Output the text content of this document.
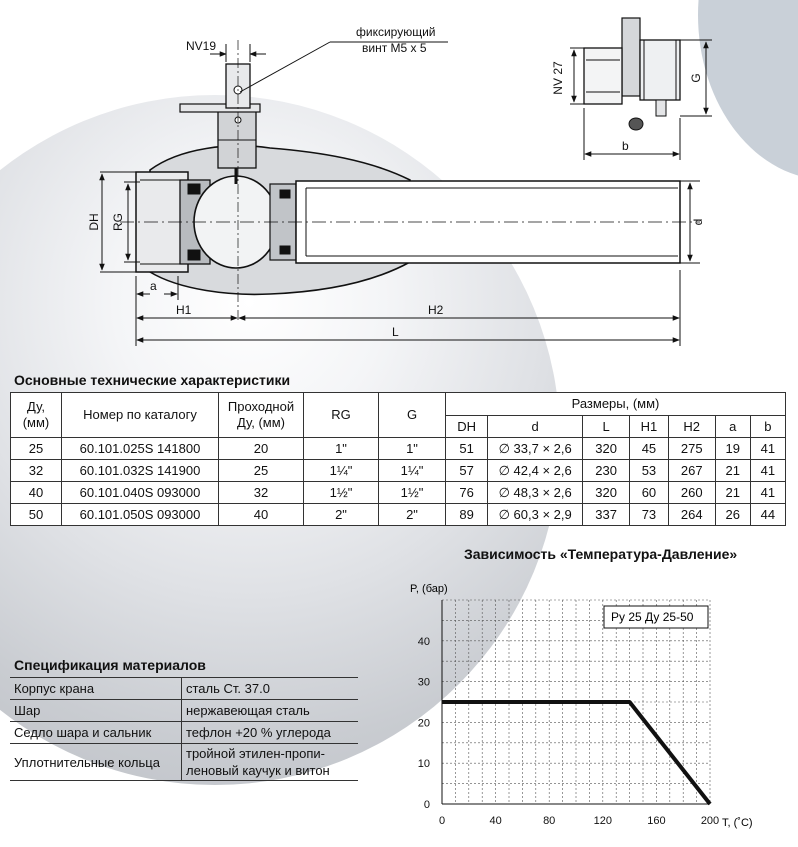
NV19
фиксирующий
винт М5 х 5
DH RG	d
a
H1	H2
L
NV 27	G
b
Основные технические характеристики
Ду, (мм)	Номер по каталогу	Проходной Ду, (мм)	RG	G	Размеры, (мм)						
					DH	d	L	H1	H2	a	b
25	60.101.025S 141800	20	1"	1"	51	∅ 33,7 × 2,6	320	45	275	19	41
32	60.101.032S 141900	25	1¼"	1¼"	57	∅ 42,4 × 2,6	230	53	267	21	41
40	60.101.040S 093000	32	1½"	1½"	76	∅ 48,3 × 2,6	320	60	260	21	41
50	60.101.050S 093000	40	2"	2"	89	∅ 60,3 × 2,9	337	73	264	26	44
Спецификация материалов
Корпус крана	сталь Ст. 37.0
Шар	нержавеющая сталь
Седло шара и сальник	тефлон +20 % углерода
Уплотнительные кольца	тройной этилен-пропи-
леновый каучук и витон
Зависимость «Температура-Давление»
0	40	80	120	160	200
0
10
20
30
40
P, (бар)
T, (˚C)
Ру 25 Ду 25-50
